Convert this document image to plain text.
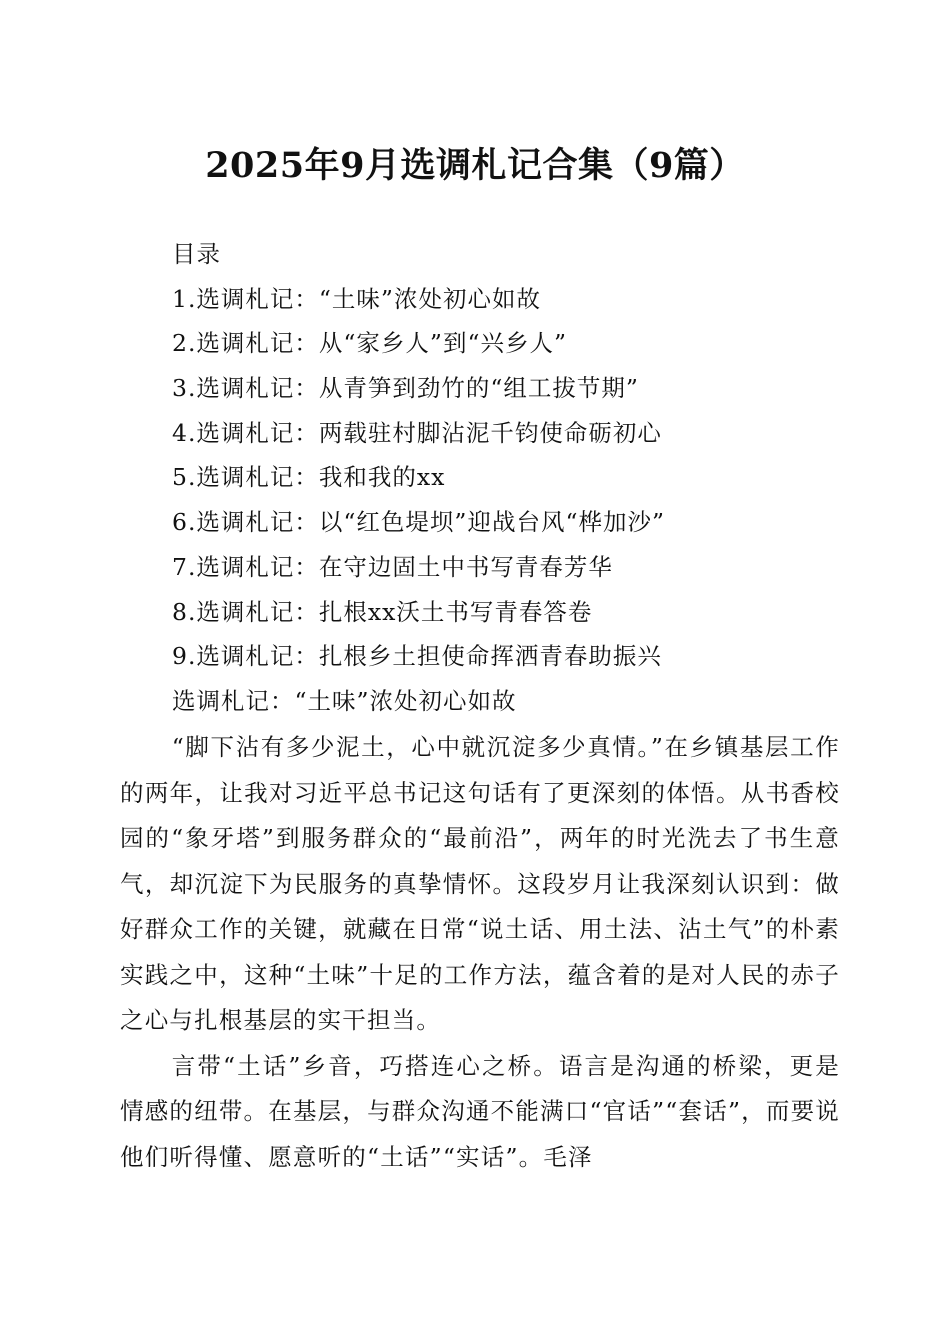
2025年9月选调札记合集（9篇）
目录
1.选调札记：“土味”浓处初心如故
2.选调札记：从“家乡人”到“兴乡人”
3.选调札记：从青笋到劲竹的“组工拔节期”
4.选调札记：两载驻村脚沾泥千钧使命砺初心
5.选调札记：我和我的xx
6.选调札记：以“红色堤坝”迎战台风“桦加沙”
7.选调札记：在守边固土中书写青春芳华
8.选调札记：扎根xx沃土书写青春答卷
9.选调札记：扎根乡土担使命挥洒青春助振兴
选调札记：“土味”浓处初心如故

“脚下沾有多少泥土，心中就沉淀多少真情。”在乡镇基层工作的两年，让我对习近平总书记这句话有了更深刻的体悟。从书香校园的“象牙塔”到服务群众的“最前沿”，两年的时光洗去了书生意气，却沉淀下为民服务的真挚情怀。这段岁月让我深刻认识到：做好群众工作的关键，就藏在日常“说土话、用土法、沾土气”的朴素实践之中，这种“土味”十足的工作方法，蕴含着的是对人民的赤子之心与扎根基层的实干担当。

言带“土话”乡音，巧搭连心之桥。语言是沟通的桥梁，更是情感的纽带。在基层，与群众沟通不能满口“官话”“套话”，而要说他们听得懂、愿意听的“土话”“实话”。毛泽
